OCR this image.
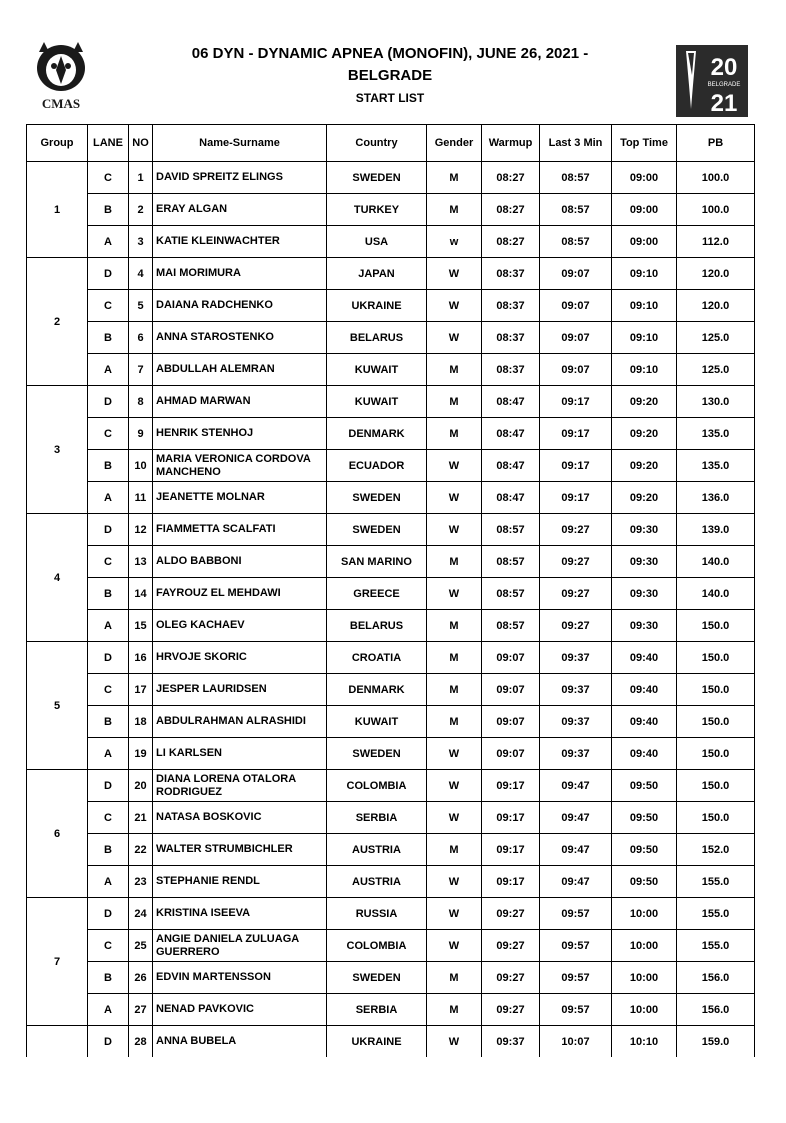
CMAS
20
BELGRADE
21
06 DYN - DYNAMIC APNEA (MONOFIN), JUNE 26, 2021 -
BELGRADE
START LIST
Group	LANE	NO	Name-Surname	Country	Gender	Warmup	Last 3 Min	Top Time	PB
1	C	1	DAVID SPREITZ ELINGS	SWEDEN	M	08:27	08:57	09:00	100.0
	B	2	ERAY ALGAN	TURKEY	M	08:27	08:57	09:00	100.0
	A	3	KATIE KLEINWACHTER	USA	w	08:27	08:57	09:00	112.0
2	D	4	MAI MORIMURA	JAPAN	W	08:37	09:07	09:10	120.0
	C	5	DAIANA RADCHENKO	UKRAINE	W	08:37	09:07	09:10	120.0
	B	6	ANNA STAROSTENKO	BELARUS	W	08:37	09:07	09:10	125.0
	A	7	ABDULLAH ALEMRAN	KUWAIT	M	08:37	09:07	09:10	125.0
3	D	8	AHMAD MARWAN	KUWAIT	M	08:47	09:17	09:20	130.0
	C	9	HENRIK STENHOJ	DENMARK	M	08:47	09:17	09:20	135.0
	B	10	MARIA VERONICA CORDOVA MANCHENO	ECUADOR	W	08:47	09:17	09:20	135.0
	A	11	JEANETTE MOLNAR	SWEDEN	W	08:47	09:17	09:20	136.0
4	D	12	FIAMMETTA SCALFATI	SWEDEN	W	08:57	09:27	09:30	139.0
	C	13	ALDO BABBONI	SAN MARINO	M	08:57	09:27	09:30	140.0
	B	14	FAYROUZ EL MEHDAWI	GREECE	W	08:57	09:27	09:30	140.0
	A	15	OLEG KACHAEV	BELARUS	M	08:57	09:27	09:30	150.0
5	D	16	HRVOJE SKORIC	CROATIA	M	09:07	09:37	09:40	150.0
	C	17	JESPER LAURIDSEN	DENMARK	M	09:07	09:37	09:40	150.0
	B	18	ABDULRAHMAN ALRASHIDI	KUWAIT	M	09:07	09:37	09:40	150.0
	A	19	LI KARLSEN	SWEDEN	W	09:07	09:37	09:40	150.0
6	D	20	DIANA LORENA OTALORA RODRIGUEZ	COLOMBIA	W	09:17	09:47	09:50	150.0
	C	21	NATASA BOSKOVIC	SERBIA	W	09:17	09:47	09:50	150.0
	B	22	WALTER STRUMBICHLER	AUSTRIA	M	09:17	09:47	09:50	152.0
	A	23	STEPHANIE RENDL	AUSTRIA	W	09:17	09:47	09:50	155.0
7	D	24	KRISTINA ISEEVA	RUSSIA	W	09:27	09:57	10:00	155.0
	C	25	ANGIE DANIELA ZULUAGA GUERRERO	COLOMBIA	W	09:27	09:57	10:00	155.0
	B	26	EDVIN MARTENSSON	SWEDEN	M	09:27	09:57	10:00	156.0
	A	27	NENAD PAVKOVIC	SERBIA	M	09:27	09:57	10:00	156.0
	D	28	ANNA BUBELA	UKRAINE	W	09:37	10:07	10:10	159.0
